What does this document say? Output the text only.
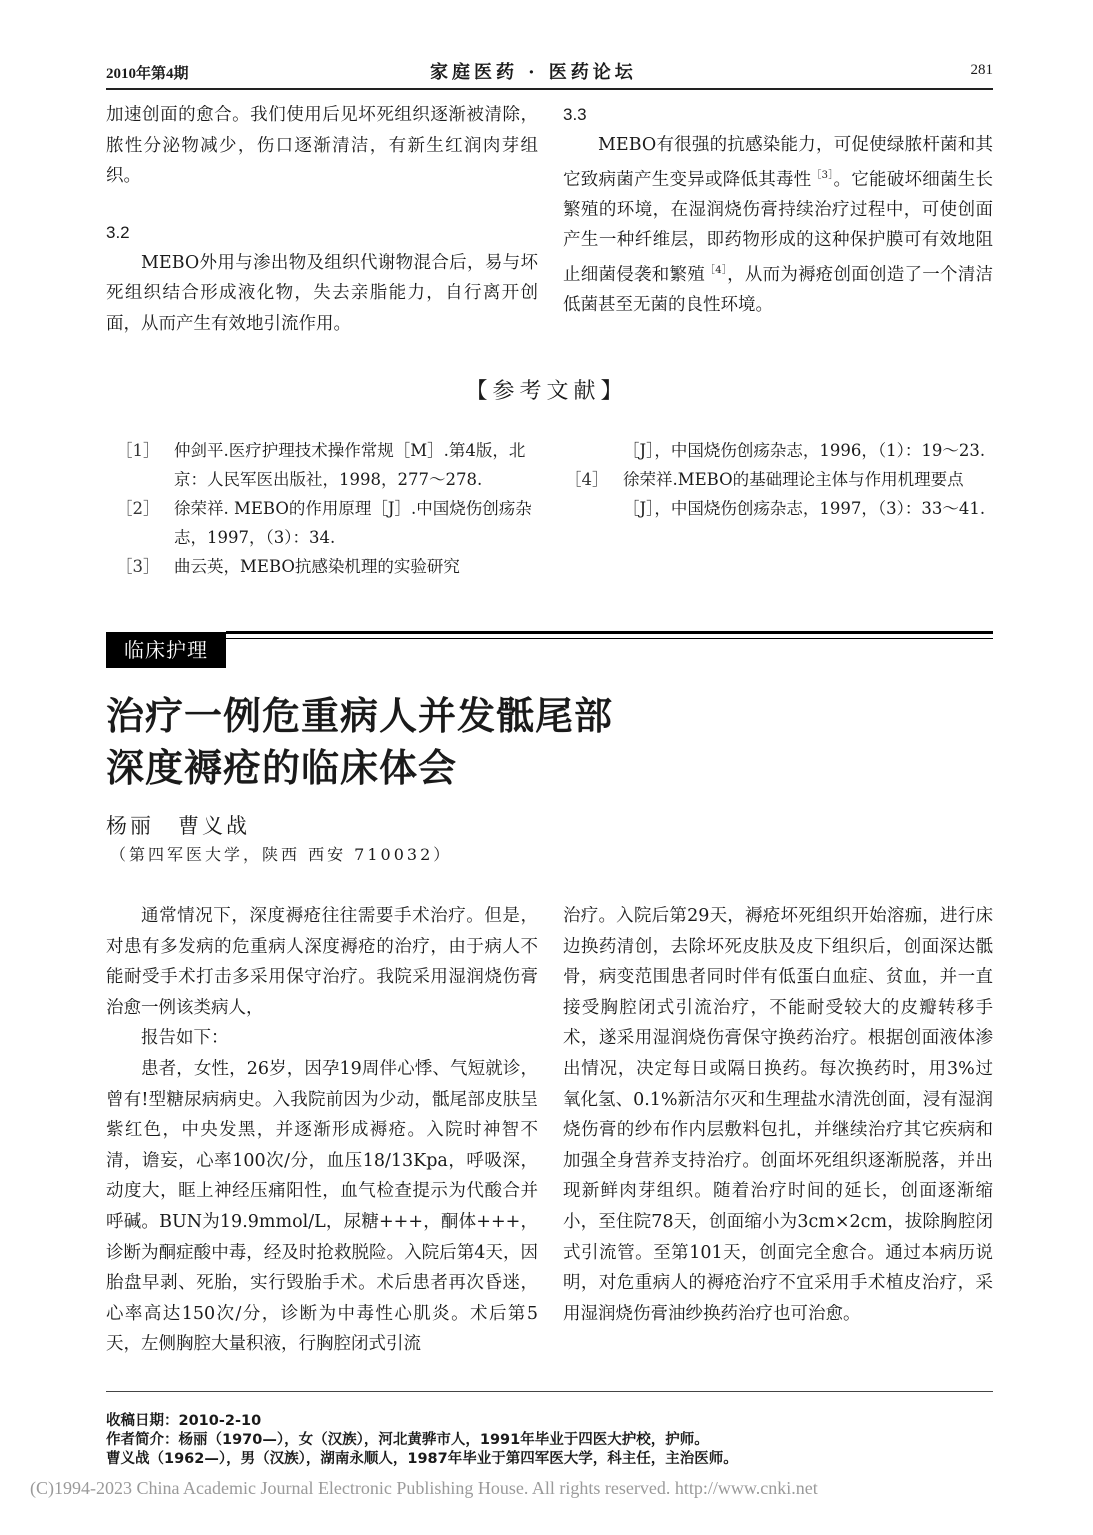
2010年第4期	家庭医药 · 医药论坛	281

加速创面的愈合。我们使用后见坏死组织逐渐被清除，脓性分泌物减少，伤口逐渐清洁，有新生红润肉芽组织。

3.2

MEBO外用与渗出物及组织代谢物混合后，易与坏死组织结合形成液化物，失去亲脂能力，自行离开创面，从而产生有效地引流作用。

3.3

MEBO有很强的抗感染能力，可促使绿脓杆菌和其它致病菌产生变异或降低其毒性$^{[3]}$。它能破坏细菌生长繁殖的环境，在湿润烧伤膏持续治疗过程中，可使创面产生一种纤维层，即药物形成的这种保护膜可有效地阻止细菌侵袭和繁殖$^{[4]}$，从而为褥疮创面创造了一个清洁低菌甚至无菌的良性环境。

【参考文献】
［1］ 仲剑平.医疗护理技术操作常规［M］.第4版，北京：人民军医出版社，1998，277～278.
［2］ 徐荣祥. MEBO的作用原理［J］.中国烧伤创疡杂志，1997，（3）：34.
［3］ 曲云英，MEBO抗感染机理的实验研究
［J］，中国烧伤创疡杂志，1996，（1）：19～23.
［4］ 徐荣祥.MEBO的基础理论主体与作用机理要点［J］，中国烧伤创疡杂志，1997，（3）：33～41.
临床护理
治疗一例危重病人并发骶尾部
深度褥疮的临床体会
杨丽　曹义战
（第四军医大学，陕西 西安 710032）

通常情况下，深度褥疮往往需要手术治疗。但是，对患有多发病的危重病人深度褥疮的治疗，由于病人不能耐受手术打击多采用保守治疗。我院采用湿润烧伤膏治愈一例该类病人，

报告如下：

患者，女性，26岁，因孕19周伴心悸、气短就诊，曾有!型糖尿病病史。入我院前因为少动，骶尾部皮肤呈紫红色，中央发黑，并逐渐形成褥疮。入院时神智不清，谵妄，心率100次/分，血压18/13Kpa，呼吸深，动度大，眶上神经压痛阳性，血气检查提示为代酸合并呼碱。BUN为19.9mmol/L，尿糖+++，酮体+++，诊断为酮症酸中毒，经及时抢救脱险。入院后第4天，因胎盘早剥、死胎，实行毁胎手术。术后患者再次昏迷，心率高达150次/分，诊断为中毒性心肌炎。术后第5天，左侧胸腔大量积液，行胸腔闭式引流

治疗。入院后第29天，褥疮坏死组织开始溶痂，进行床边换药清创，去除坏死皮肤及皮下组织后，创面深达骶骨，病变范围患者同时伴有低蛋白血症、贫血，并一直接受胸腔闭式引流治疗，不能耐受较大的皮瓣转移手术，遂采用湿润烧伤膏保守换药治疗。根据创面液体渗出情况，决定每日或隔日换药。每次换药时，用3%过氧化氢、0.1%新洁尔灭和生理盐水清洗创面，浸有湿润烧伤膏的纱布作内层敷料包扎，并继续治疗其它疾病和加强全身营养支持治疗。创面坏死组织逐渐脱落，并出现新鲜肉芽组织。随着治疗时间的延长，创面逐渐缩小，至住院78天，创面缩小为3cm×2cm，拔除胸腔闭式引流管。至第101天，创面完全愈合。通过本病历说明，对危重病人的褥疮治疗不宜采用手术植皮治疗，采用湿润烧伤膏油纱换药治疗也可治愈。

收稿日期：2010-2-10
作者简介：杨丽（1970—），女（汉族），河北黄骅市人，1991年毕业于四医大护校，护师。
曹义战（1962—），男（汉族），湖南永顺人，1987年毕业于第四军医大学，科主任，主治医师。
(C)1994-2023 China Academic Journal Electronic Publishing House. All rights reserved. http://www.cnki.net
